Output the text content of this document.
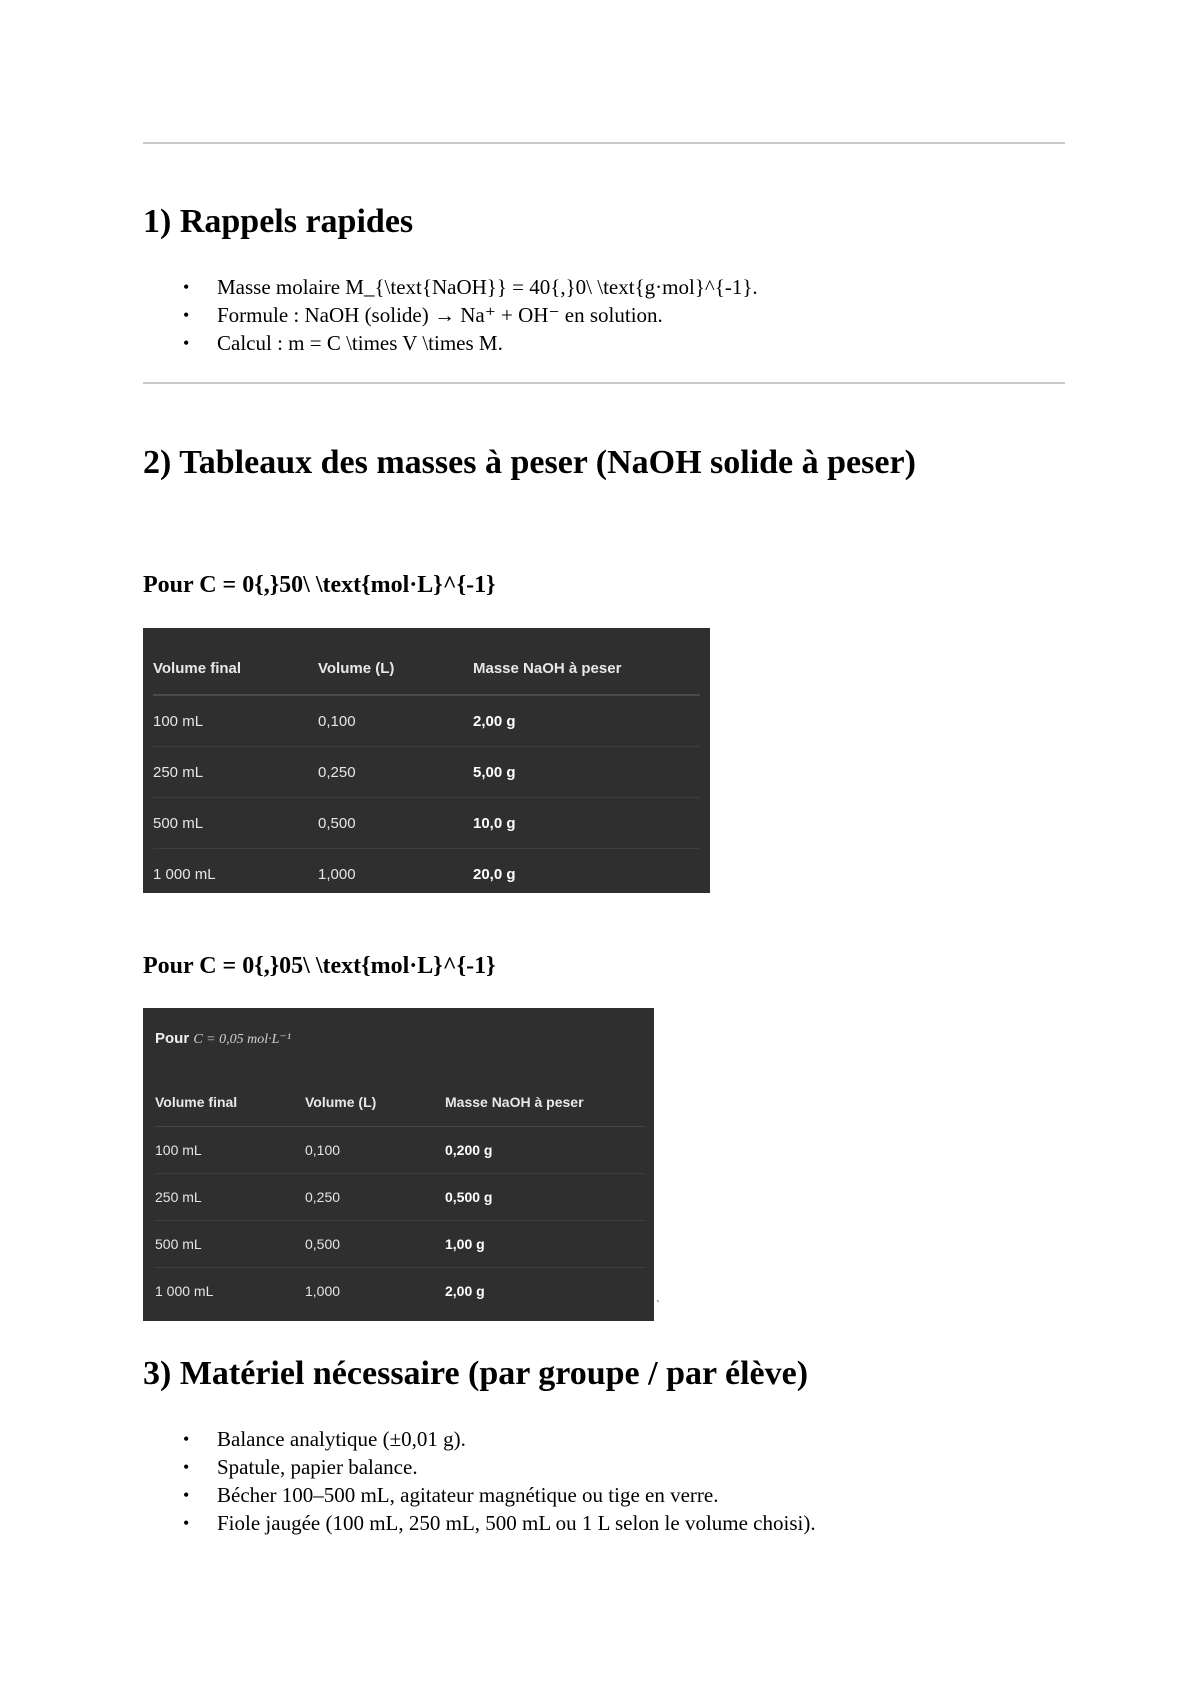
1) Rappels rapides
• Masse molaire M_{\text{NaOH}} = 40{,}0\ \text{g·mol}^{-1}.
• Formule : NaOH (solide) → Na⁺ + OH⁻ en solution.
• Calcul : m = C \times V \times M.
2) Tableaux des masses à peser (NaOH solide à peser)
Pour C = 0{,}50\ \text{mol·L}^{-1}
Volume final	Volume (L)	Masse NaOH à peser
100 mL	0,100	2,00 g
250 mL	0,250	5,00 g
500 mL	0,500	10,0 g
1 000 mL	1,000	20,0 g
Pour C = 0{,}05\ \text{mol·L}^{-1}
Pour C = 0,05 mol·L⁻¹
Volume final	Volume (L)	Masse NaOH à peser
100 mL	0,100	0,200 g
250 mL	0,250	0,500 g
500 mL	0,500	1,00 g
1 000 mL	1,000	2,00 g
`
3) Matériel nécessaire (par groupe / par élève)
• Balance analytique (±0,01 g).
• Spatule, papier balance.
• Bécher 100–500 mL, agitateur magnétique ou tige en verre.
• Fiole jaugée (100 mL, 250 mL, 500 mL ou 1 L selon le volume choisi).
